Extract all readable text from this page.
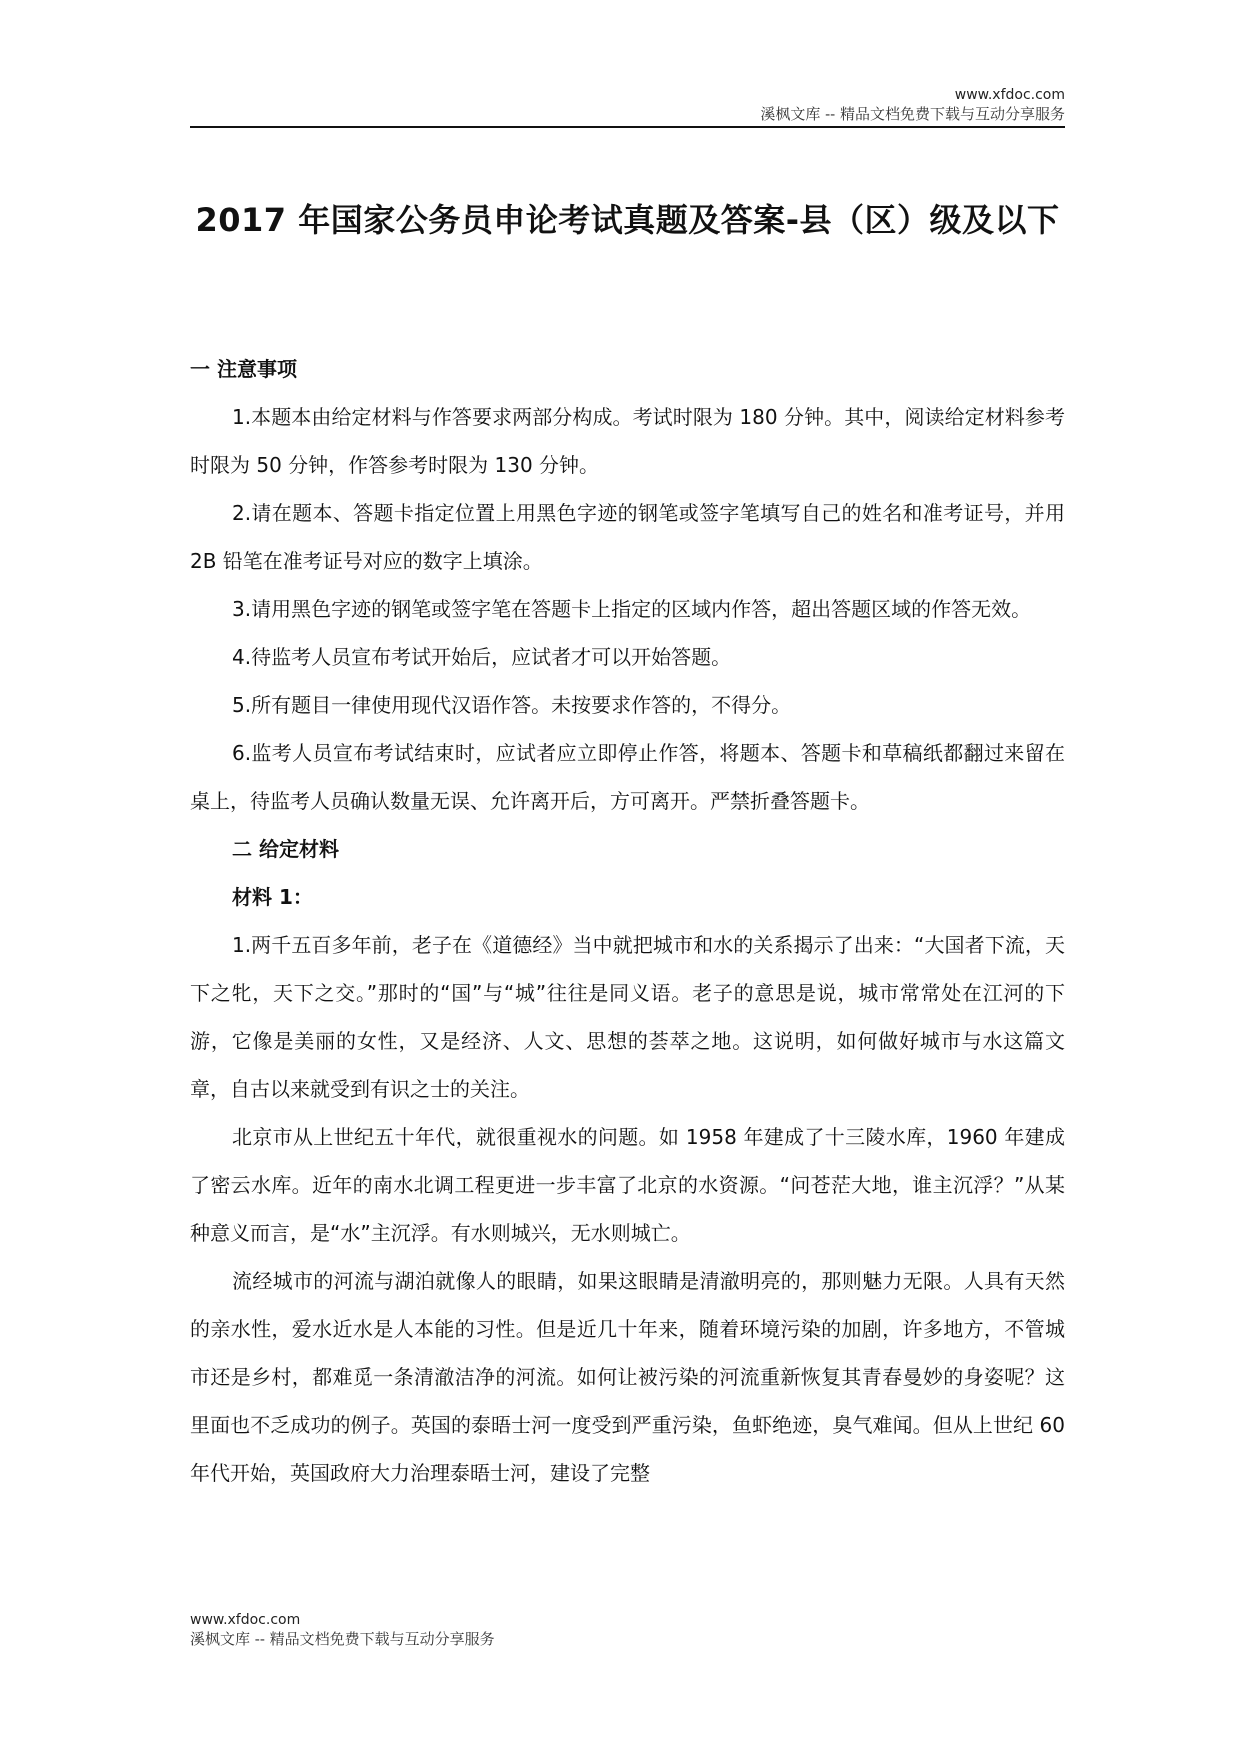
www.xfdoc.com
溪枫文库 -- 精品文档免费下载与互动分享服务
2017 年国家公务员申论考试真题及答案-县（区）级及以下

一 注意事项

1.本题本由给定材料与作答要求两部分构成。考试时限为 180 分钟。其中，阅读给定材料参考时限为 50 分钟，作答参考时限为 130 分钟。

2.请在题本、答题卡指定位置上用黑色字迹的钢笔或签字笔填写自己的姓名和准考证号，并用 2B 铅笔在准考证号对应的数字上填涂。

3.请用黑色字迹的钢笔或签字笔在答题卡上指定的区域内作答，超出答题区域的作答无效。

4.待监考人员宣布考试开始后，应试者才可以开始答题。

5.所有题目一律使用现代汉语作答。未按要求作答的，不得分。

6.监考人员宣布考试结束时，应试者应立即停止作答，将题本、答题卡和草稿纸都翻过来留在桌上，待监考人员确认数量无误、允许离开后，方可离开。严禁折叠答题卡。

二 给定材料

材料 1：

1.两千五百多年前，老子在《道德经》当中就把城市和水的关系揭示了出来：“大国者下流，天下之牝，天下之交。”那时的“国”与“城”往往是同义语。老子的意思是说，城市常常处在江河的下游，它像是美丽的女性，又是经济、人文、思想的荟萃之地。这说明，如何做好城市与水这篇文章，自古以来就受到有识之士的关注。

北京市从上世纪五十年代，就很重视水的问题。如 1958 年建成了十三陵水库，1960 年建成了密云水库。近年的南水北调工程更进一步丰富了北京的水资源。“问苍茫大地，谁主沉浮？”从某种意义而言，是“水”主沉浮。有水则城兴，无水则城亡。

流经城市的河流与湖泊就像人的眼睛，如果这眼睛是清澈明亮的，那则魅力无限。人具有天然的亲水性，爱水近水是人本能的习性。但是近几十年来，随着环境污染的加剧，许多地方，不管城市还是乡村，都难觅一条清澈洁净的河流。如何让被污染的河流重新恢复其青春曼妙的身姿呢？这里面也不乏成功的例子。英国的泰晤士河一度受到严重污染，鱼虾绝迹，臭气难闻。但从上世纪 60 年代开始，英国政府大力治理泰晤士河，建设了完整

www.xfdoc.com
溪枫文库 -- 精品文档免费下载与互动分享服务
